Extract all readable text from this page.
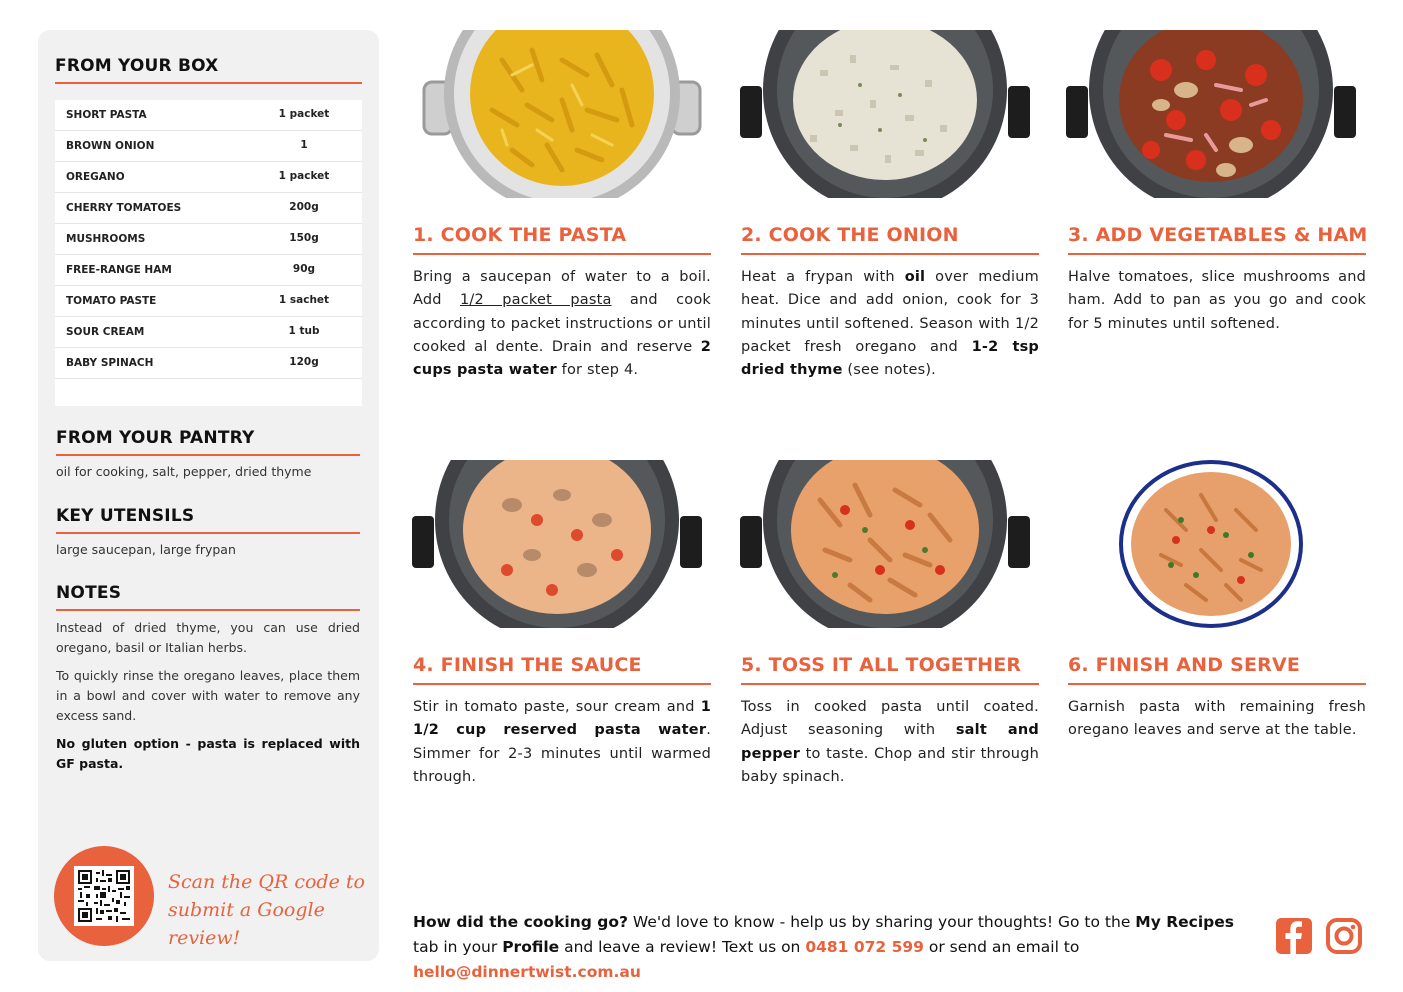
FROM YOUR BOX
SHORT PASTA	1 packet
BROWN ONION	1
OREGANO	1 packet
CHERRY TOMATOES	200g
MUSHROOMS	150g
FREE-RANGE HAM	90g
TOMATO PASTE	1 sachet
SOUR CREAM	1 tub
BABY SPINACH	120g
FROM YOUR PANTRY
oil for cooking, salt, pepper, dried thyme
KEY UTENSILS
large saucepan, large frypan
NOTES
Instead of dried thyme, you can use dried oregano, basil or Italian herbs.
To quickly rinse the oregano leaves, place them in a bowl and cover with water to remove any excess sand.
No gluten option - pasta is replaced with GF pasta.
Scan the QR code to
submit a Google review!
1. COOK THE PASTA
Bring a saucepan of water to a boil. Add 1/2 packet pasta and cook according to packet instructions or until cooked al dente. Drain and reserve 2 cups pasta water for step 4.
2. COOK THE ONION
Heat a frypan with oil over medium heat. Dice and add onion, cook for 3 minutes until softened. Season with 1/2 packet fresh oregano and 1-2 tsp dried thyme (see notes).
3. ADD VEGETABLES & HAM
Halve tomatoes, slice mushrooms and ham. Add to pan as you go and cook for 5 minutes until softened.
4. FINISH THE SAUCE
Stir in tomato paste, sour cream and 1 1/2 cup reserved pasta water. Simmer for 2-3 minutes until warmed through.
5. TOSS IT ALL TOGETHER
Toss in cooked pasta until coated. Adjust seasoning with salt and pepper to taste. Chop and stir through baby spinach.
6. FINISH AND SERVE
Garnish pasta with remaining fresh oregano leaves and serve at the table.
How did the cooking go? We'd love to know - help us by sharing your thoughts! Go to the My Recipes tab in your Profile and leave a review! Text us on 0481 072 599 or send an email to hello@dinnertwist.com.au
